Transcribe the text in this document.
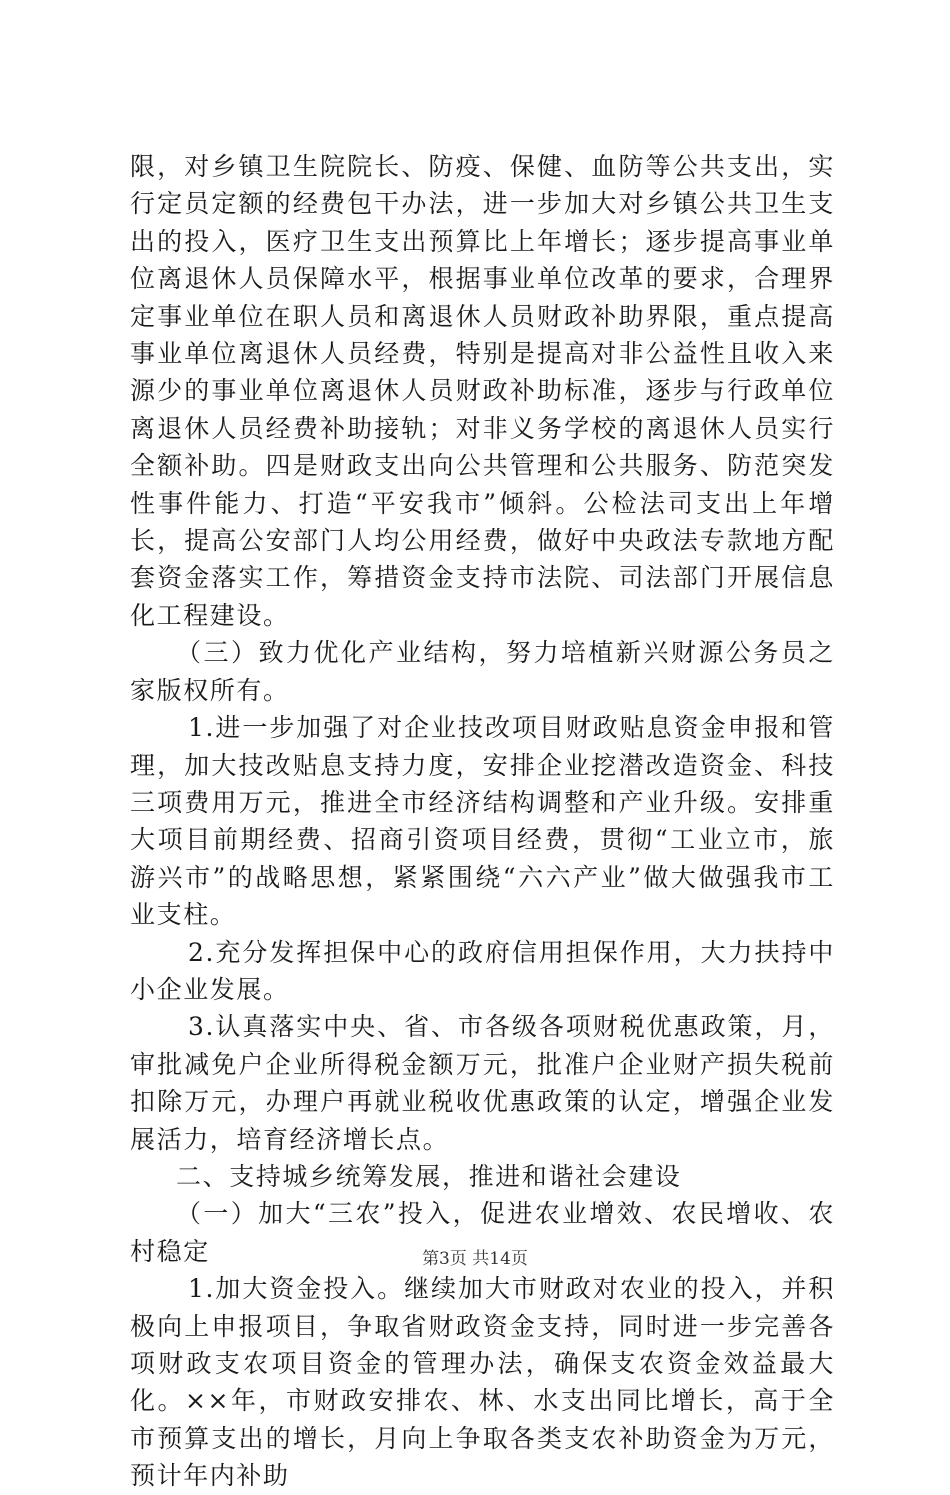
限，对乡镇卫生院院长、防疫、保健、血防等公共支出，实行定员定额的经费包干办法，进一步加大对乡镇公共卫生支出的投入，医疗卫生支出预算比上年增长；逐步提高事业单位离退休人员保障水平，根据事业单位改革的要求，合理界定事业单位在职人员和离退休人员财政补助界限，重点提高事业单位离退休人员经费，特别是提高对非公益性且收入来源少的事业单位离退休人员财政补助标准，逐步与行政单位离退休人员经费补助接轨；对非义务学校的离退休人员实行全额补助。四是财政支出向公共管理和公共服务、防范突发性事件能力、打造“平安我市”倾斜。公检法司支出上年增长，提高公安部门人均公用经费，做好中央政法专款地方配套资金落实工作，筹措资金支持市法院、司法部门开展信息化工程建设。

（三）致力优化产业结构，努力培植新兴财源公务员之家版权所有。

1.进一步加强了对企业技改项目财政贴息资金申报和管理，加大技改贴息支持力度，安排企业挖潜改造资金、科技三项费用万元，推进全市经济结构调整和产业升级。安排重大项目前期经费、招商引资项目经费，贯彻“工业立市，旅游兴市”的战略思想，紧紧围绕“六六产业”做大做强我市工业支柱。

2.充分发挥担保中心的政府信用担保作用，大力扶持中小企业发展。

3.认真落实中央、省、市各级各项财税优惠政策，月，审批减免户企业所得税金额万元，批准户企业财产损失税前扣除万元，办理户再就业税收优惠政策的认定，增强企业发展活力，培育经济增长点。

二、支持城乡统筹发展，推进和谐社会建设

（一）加大“三农”投入，促进农业增效、农民增收、农村稳定

1.加大资金投入。继续加大市财政对农业的投入，并积极向上申报项目，争取省财政资金支持，同时进一步完善各项财政支农项目资金的管理办法，确保支农资金效益最大化。××年，市财政安排农、林、水支出同比增长，高于全市预算支出的增长，月向上争取各类支农补助资金为万元，预计年内补助

第3页 共14页
